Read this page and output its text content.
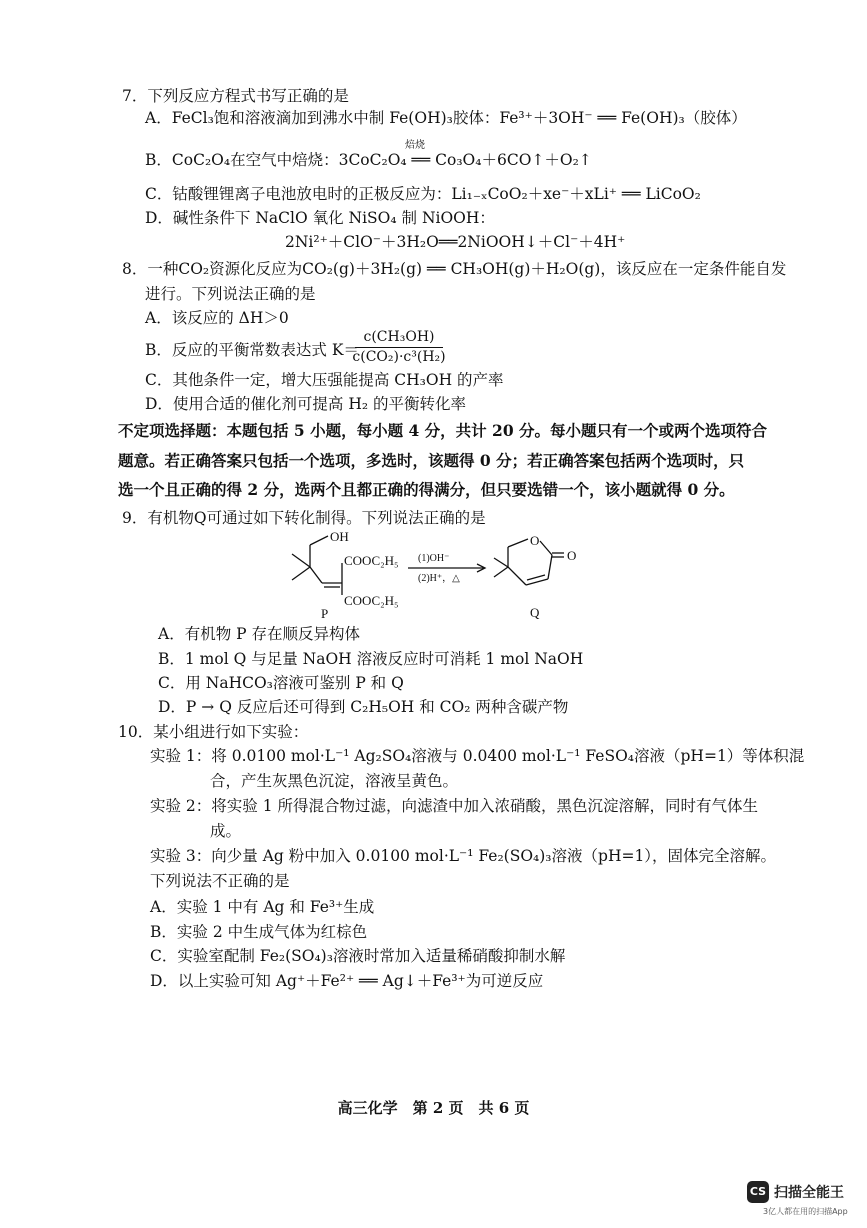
7．下列反应方程式书写正确的是
A．FeCl₃饱和溶液滴加到沸水中制 Fe(OH)₃胶体：Fe³⁺＋3OH⁻ ══ Fe(OH)₃（胶体）
B．CoC₂O₄在空气中焙烧：3CoC₂O₄ ══ Co₃O₄＋6CO↑＋O₂↑
焙烧
C．钴酸锂锂离子电池放电时的正极反应为：Li₁₋ₓCoO₂＋xe⁻＋xLi⁺ ══ LiCoO₂
D．碱性条件下 NaClO 氧化 NiSO₄ 制 NiOOH：
2Ni²⁺＋ClO⁻＋3H₂O══2NiOOH↓＋Cl⁻＋4H⁺
8．一种CO₂资源化反应为CO₂(g)＋3H₂(g) ══ CH₃OH(g)＋H₂O(g)，该反应在一定条件能自发
进行。下列说法正确的是
A．该反应的 ΔH＞0
B．反应的平衡常数表达式 K＝
c(CH₃OH)
c(CO₂)·c³(H₂)
C．其他条件一定，增大压强能提高 CH₃OH 的产率
D．使用合适的催化剂可提高 H₂ 的平衡转化率
不定项选择题：本题包括 5 小题，每小题 4 分，共计 20 分。每小题只有一个或两个选项符合
题意。若正确答案只包括一个选项，多选时，该题得 0 分；若正确答案包括两个选项时，只
选一个且正确的得 2 分，选两个且都正确的得满分，但只要选错一个，该小题就得 0 分。
9．有机物Q可通过如下转化制得。下列说法正确的是
OH
COOC₂H₅
COOC₂H₅
P
(1)OH⁻
(2)H⁺，△
O
O
Q
A．有机物 P 存在顺反异构体
B．1 mol Q 与足量 NaOH 溶液反应时可消耗 1 mol NaOH
C．用 NaHCO₃溶液可鉴别 P 和 Q
D．P → Q 反应后还可得到 C₂H₅OH 和 CO₂ 两种含碳产物
10．某小组进行如下实验：
实验 1：将 0.0100 mol·L⁻¹ Ag₂SO₄溶液与 0.0400 mol·L⁻¹ FeSO₄溶液（pH=1）等体积混
合，产生灰黑色沉淀，溶液呈黄色。
实验 2：将实验 1 所得混合物过滤，向滤渣中加入浓硝酸，黑色沉淀溶解，同时有气体生
成。
实验 3：向少量 Ag 粉中加入 0.0100 mol·L⁻¹ Fe₂(SO₄)₃溶液（pH=1），固体完全溶解。
下列说法不正确的是
A．实验 1 中有 Ag 和 Fe³⁺生成
B．实验 2 中生成气体为红棕色
C．实验室配制 Fe₂(SO₄)₃溶液时常加入适量稀硝酸抑制水解
D．以上实验可知 Ag⁺＋Fe²⁺ ══ Ag↓＋Fe³⁺为可逆反应
高三化学　第 2 页　共 6 页
CS 扫描全能王
3亿人都在用的扫描App
